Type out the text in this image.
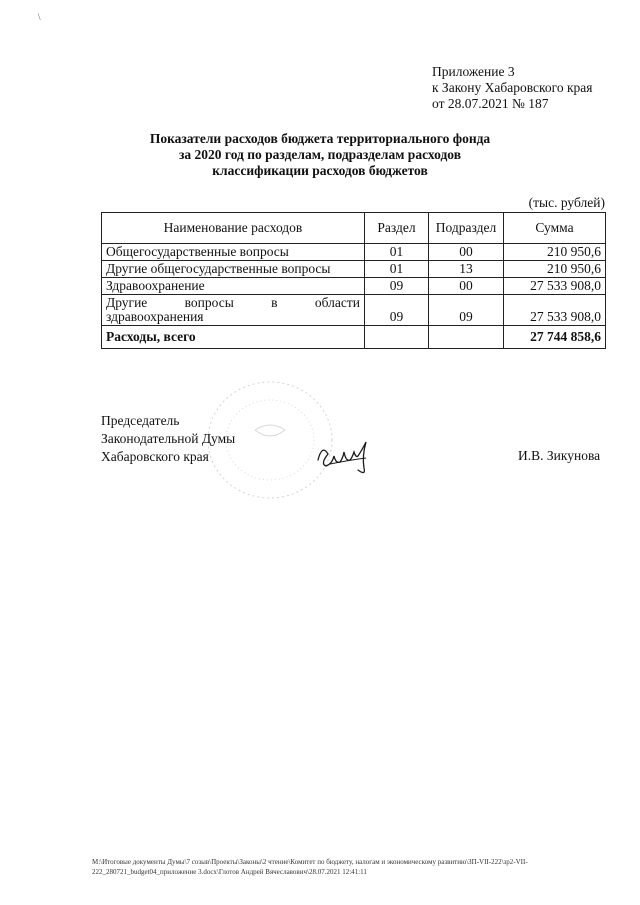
\
Приложение 3
к Закону Хабаровского края
от 28.07.2021 № 187
Показатели расходов бюджета территориального фонда
за 2020 год по разделам, подразделам расходов
классификации расходов бюджетов
(тыс. рублей)
Наименование расходов	Раздел	Подраздел	Сумма
Общегосударственные вопросы	01	00	210 950,6
Другие общегосударственные вопросы	01	13	210 950,6
Здравоохранение	09	00	27 533 908,0

Другие вопросы в области
здравоохранения	09	09	27 533 908,0
Расходы, всего			27 744 858,6
Председатель
Законодательной Думы
Хабаровского края	И.В. Зикунова
M:\Итоговые документы Думы\7 созыв\Проекты\Законы\2 чтение\Комитет по бюджету, налогам и экономическому развитию\ЗП-VII-222\зр2-VII-
222_280721_budget04_приложение 3.docx\Глотов Андрей Вячеславович\28.07.2021 12:41:11
